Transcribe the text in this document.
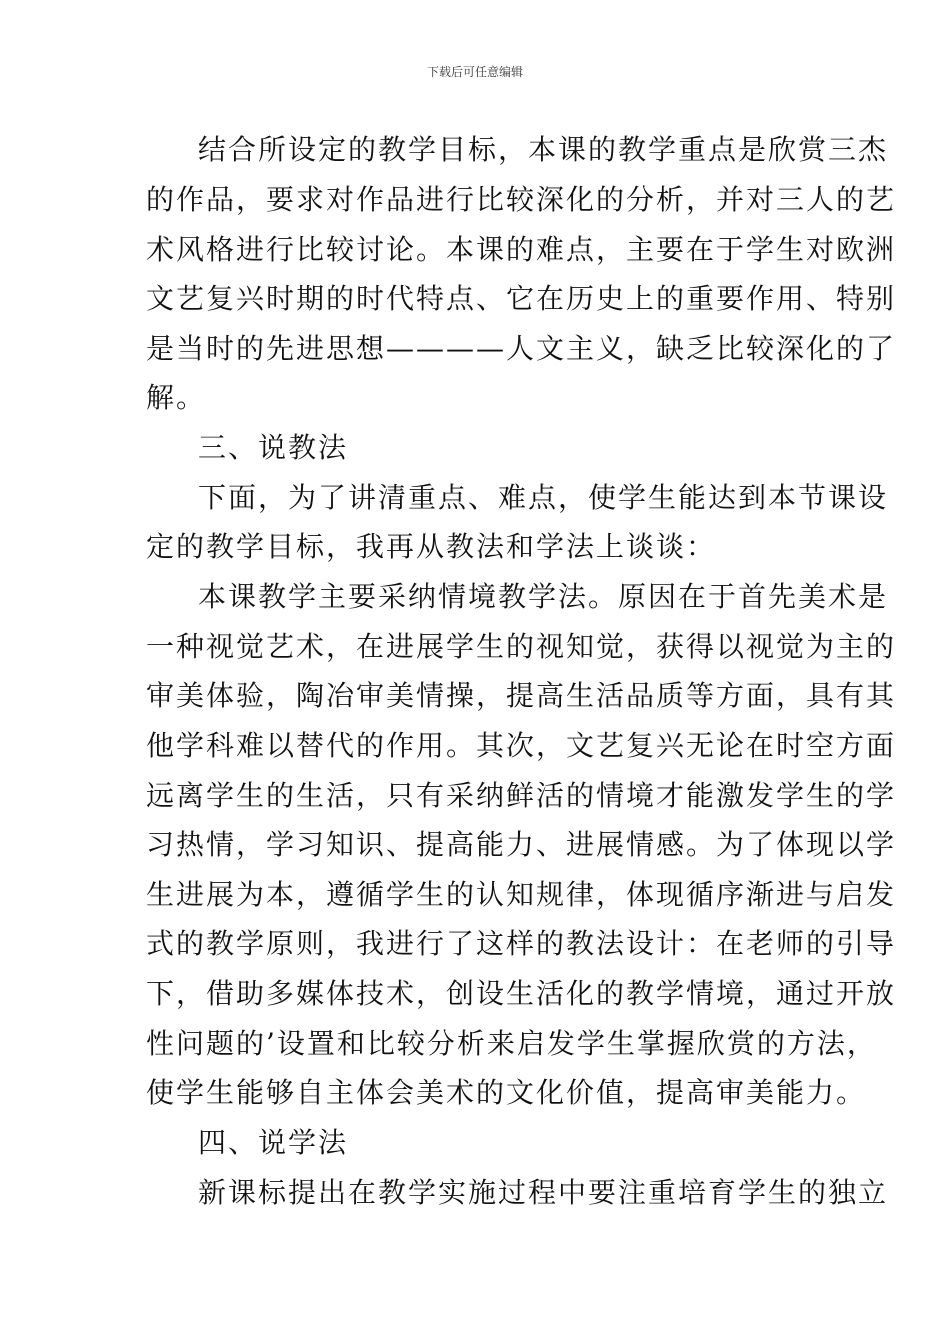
下载后可任意编辑
结合所设定的教学目标，本课的教学重点是欣赏三杰
的作品，要求对作品进行比较深化的分析，并对三人的艺
术风格进行比较讨论。本课的难点，主要在于学生对欧洲
文艺复兴时期的时代特点、它在历史上的重要作用、特别
是当时的先进思想————人文主义，缺乏比较深化的了
解。
三、说教法
下面，为了讲清重点、难点，使学生能达到本节课设
定的教学目标，我再从教法和学法上谈谈：
本课教学主要采纳情境教学法。原因在于首先美术是
一种视觉艺术，在进展学生的视知觉，获得以视觉为主的
审美体验，陶冶审美情操，提高生活品质等方面，具有其
他学科难以替代的作用。其次，文艺复兴无论在时空方面
远离学生的生活，只有采纳鲜活的情境才能激发学生的学
习热情，学习知识、提高能力、进展情感。为了体现以学
生进展为本，遵循学生的认知规律，体现循序渐进与启发
式的教学原则，我进行了这样的教法设计：在老师的引导
下，借助多媒体技术，创设生活化的教学情境，通过开放
性问题的’设置和比较分析来启发学生掌握欣赏的方法，
使学生能够自主体会美术的文化价值，提高审美能力。
四、说学法
新课标提出在教学实施过程中要注重培育学生的独立
